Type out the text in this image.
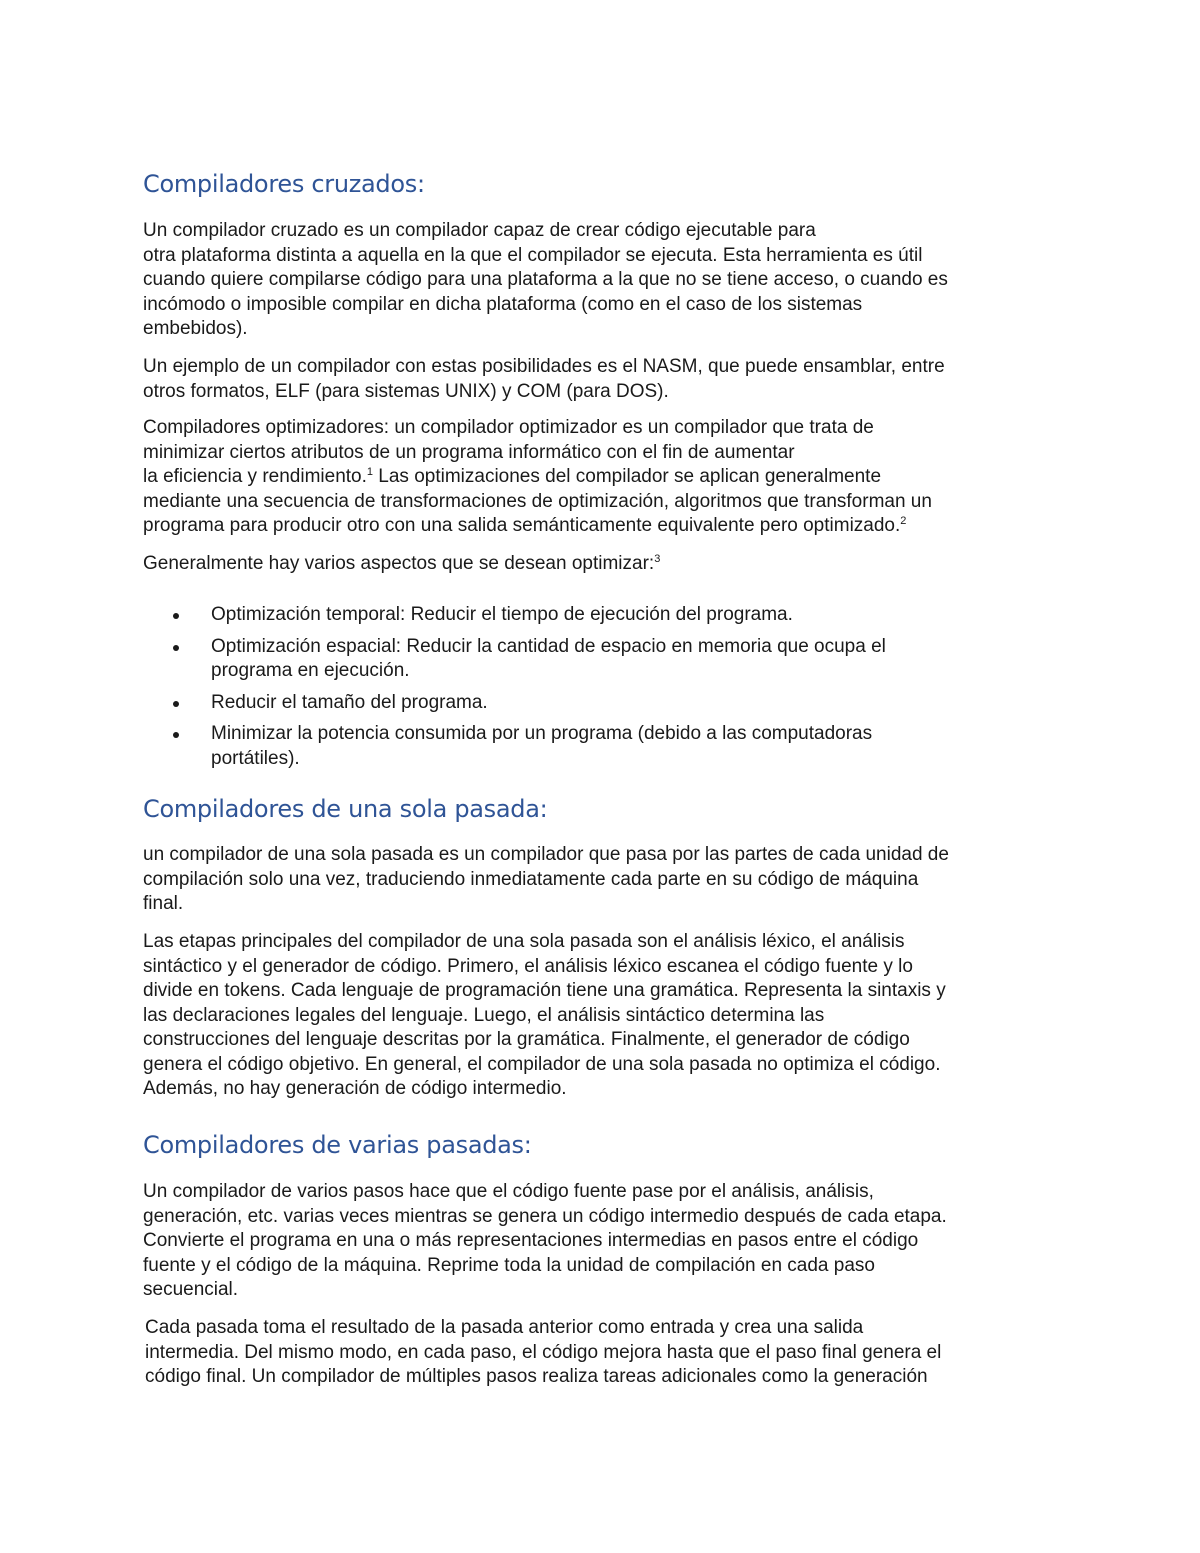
Compiladores cruzados:
Un compilador cruzado es un compilador capaz de crear código ejecutable para
otra plataforma distinta a aquella en la que el compilador se ejecuta. Esta herramienta es útil
cuando quiere compilarse código para una plataforma a la que no se tiene acceso, o cuando es
incómodo o imposible compilar en dicha plataforma (como en el caso de los sistemas
embebidos).
Un ejemplo de un compilador con estas posibilidades es el NASM, que puede ensamblar, entre
otros formatos, ELF (para sistemas UNIX) y COM (para DOS).
Compiladores optimizadores: un compilador optimizador es un compilador que trata de
minimizar ciertos atributos de un programa informático con el fin de aumentar
la eficiencia y rendimiento.$^1$ Las optimizaciones del compilador se aplican generalmente
mediante una secuencia de transformaciones de optimización, algoritmos que transforman un
programa para producir otro con una salida semánticamente equivalente pero optimizado.$^2$
Generalmente hay varios aspectos que se desean optimizar:$^3$
Optimización temporal: Reducir el tiempo de ejecución del programa.
Optimización espacial: Reducir la cantidad de espacio en memoria que ocupa el
programa en ejecución.
Reducir el tamaño del programa.
Minimizar la potencia consumida por un programa (debido a las computadoras
portátiles).
Compiladores de una sola pasada:
un compilador de una sola pasada es un compilador que pasa por las partes de cada unidad de
compilación solo una vez, traduciendo inmediatamente cada parte en su código de máquina
final.
Las etapas principales del compilador de una sola pasada son el análisis léxico, el análisis
sintáctico y el generador de código. Primero, el análisis léxico escanea el código fuente y lo
divide en tokens. Cada lenguaje de programación tiene una gramática. Representa la sintaxis y
las declaraciones legales del lenguaje. Luego, el análisis sintáctico determina las
construcciones del lenguaje descritas por la gramática. Finalmente, el generador de código
genera el código objetivo. En general, el compilador de una sola pasada no optimiza el código.
Además, no hay generación de código intermedio.
Compiladores de varias pasadas:
Un compilador de varios pasos hace que el código fuente pase por el análisis, análisis,
generación, etc. varias veces mientras se genera un código intermedio después de cada etapa.
Convierte el programa en una o más representaciones intermedias en pasos entre el código
fuente y el código de la máquina. Reprime toda la unidad de compilación en cada paso
secuencial.
Cada pasada toma el resultado de la pasada anterior como entrada y crea una salida
intermedia. Del mismo modo, en cada paso, el código mejora hasta que el paso final genera el
código final. Un compilador de múltiples pasos realiza tareas adicionales como la generación
